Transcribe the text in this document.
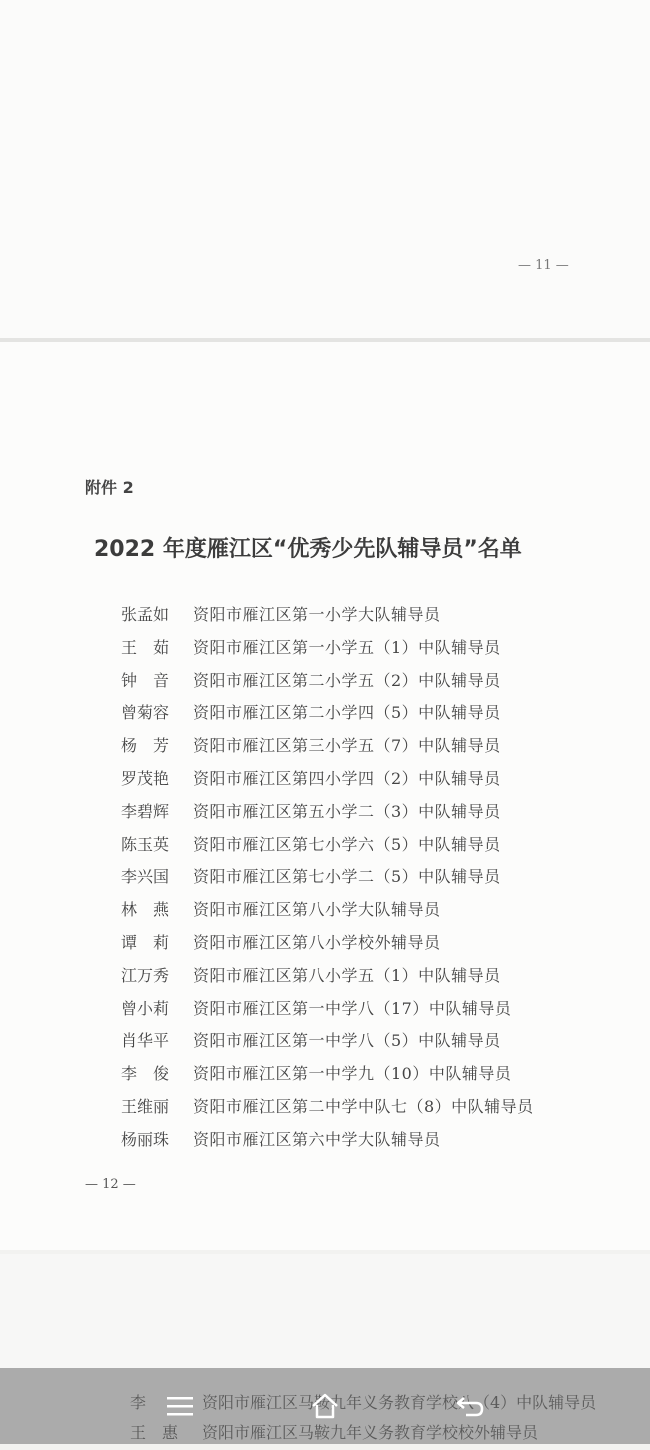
— 11 —
附件 2
2022 年度雁江区“优秀少先队辅导员”名单
张孟如 资阳市雁江区第一小学大队辅导员
王　茹 资阳市雁江区第一小学五（1）中队辅导员
钟　音 资阳市雁江区第二小学五（2）中队辅导员
曾菊容 资阳市雁江区第二小学四（5）中队辅导员
杨　芳 资阳市雁江区第三小学五（7）中队辅导员
罗茂艳 资阳市雁江区第四小学四（2）中队辅导员
李碧辉 资阳市雁江区第五小学二（3）中队辅导员
陈玉英 资阳市雁江区第七小学六（5）中队辅导员
李兴国 资阳市雁江区第七小学二（5）中队辅导员
林　燕 资阳市雁江区第八小学大队辅导员
谭　莉 资阳市雁江区第八小学校外辅导员
江万秀 资阳市雁江区第八小学五（1）中队辅导员
曾小莉 资阳市雁江区第一中学八（17）中队辅导员
肖华平 资阳市雁江区第一中学八（5）中队辅导员
李　俊 资阳市雁江区第一中学九（10）中队辅导员
王维丽 资阳市雁江区第二中学中队七（8）中队辅导员
杨丽珠 资阳市雁江区第六中学大队辅导员
— 12 —
